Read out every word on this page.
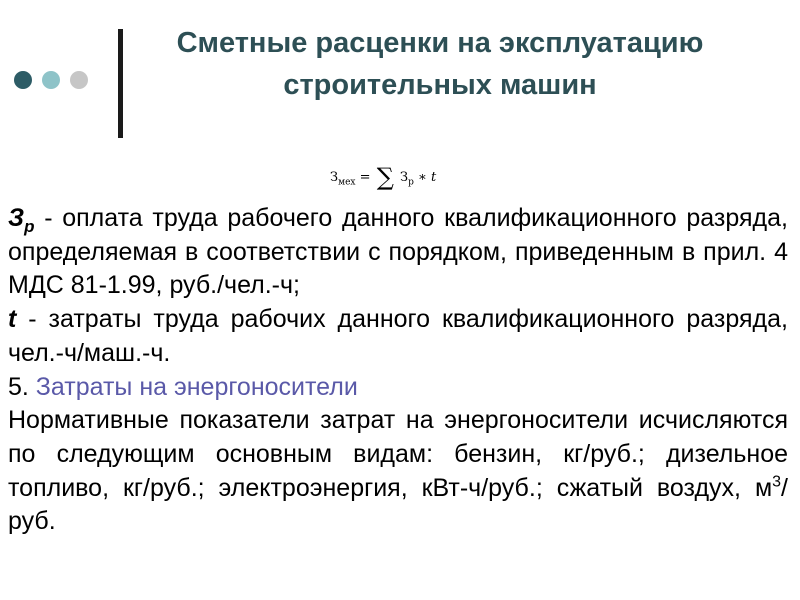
Сметные расценки на эксплуатацию строительных машин
$З_{мех}$ = ∑ $З_р$ ∗ t

$З_р$ - оплата труда рабочего данного квалификационного разряда, определяемая в соответствии с порядком, приведенным в прил. 4 МДС 81-1.99, руб./чел.-ч;

t - затраты труда рабочих данного квалификационного разряда, чел.-ч/маш.-ч.

5. Затраты на энергоносители

Нормативные показатели затрат на энергоносители исчисляются по следующим основным видам: бензин, кг/руб.; дизельное топливо, кг/руб.; электроэнергия, кВт-ч/руб.; сжатый воздух, $м^3$/руб.
